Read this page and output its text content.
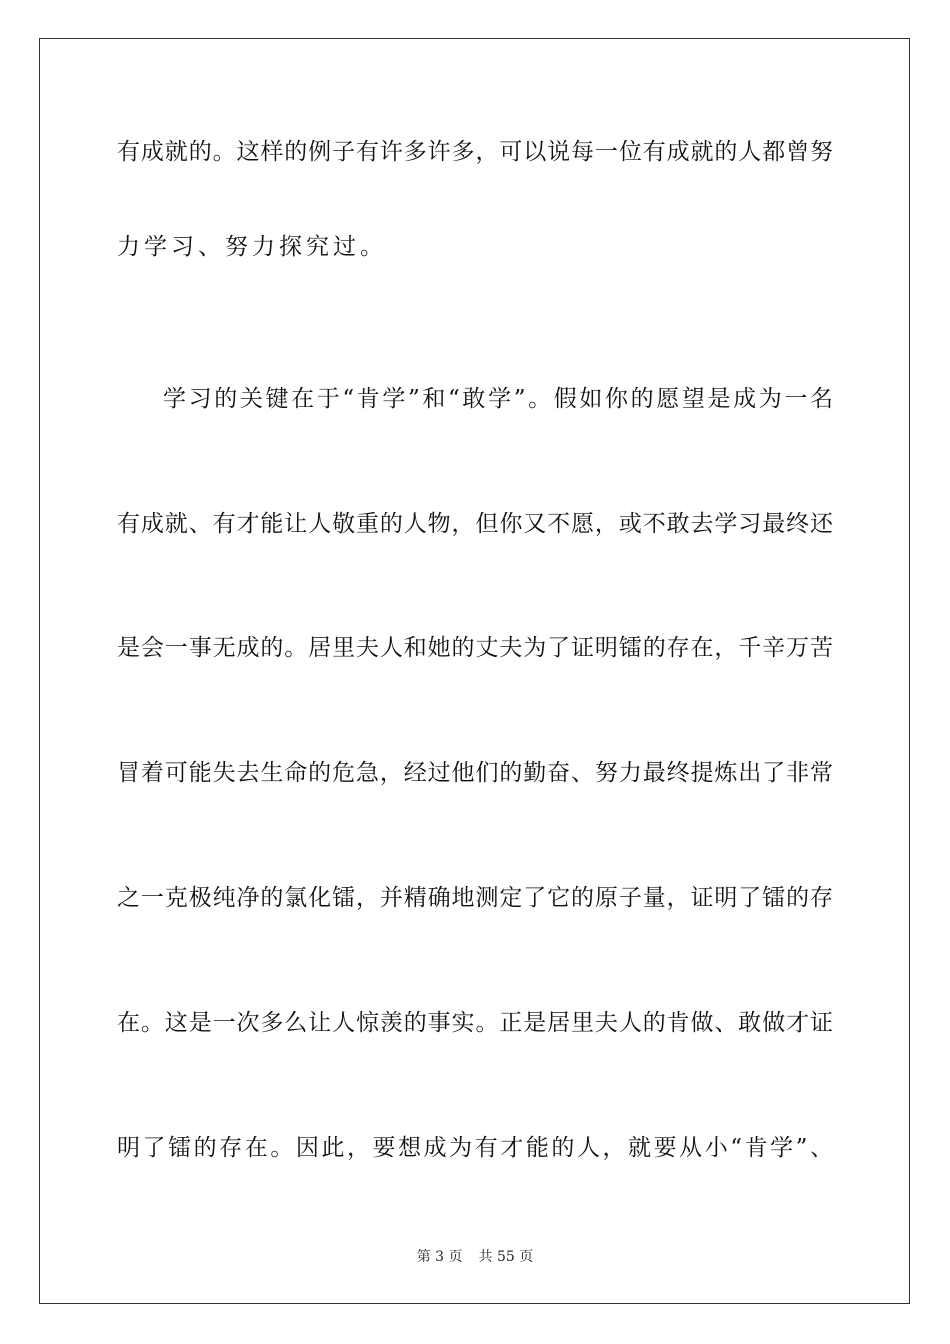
有成就的。这样的例子有许多许多，可以说每一位有成就的人都曾努
力学习、努力探究过。
学习的关键在于“肯学”和“敢学”。假如你的愿望是成为一名
有成就、有才能让人敬重的人物，但你又不愿，或不敢去学习最终还
是会一事无成的。居里夫人和她的丈夫为了证明镭的存在，千辛万苦
冒着可能失去生命的危急，经过他们的勤奋、努力最终提炼出了非常
之一克极纯净的氯化镭，并精确地测定了它的原子量，证明了镭的存
在。这是一次多么让人惊羡的事实。正是居里夫人的肯做、敢做才证
明了镭的存在。因此，要想成为有才能的人，就要从小“肯学”、
第 3 页 共 55 页
